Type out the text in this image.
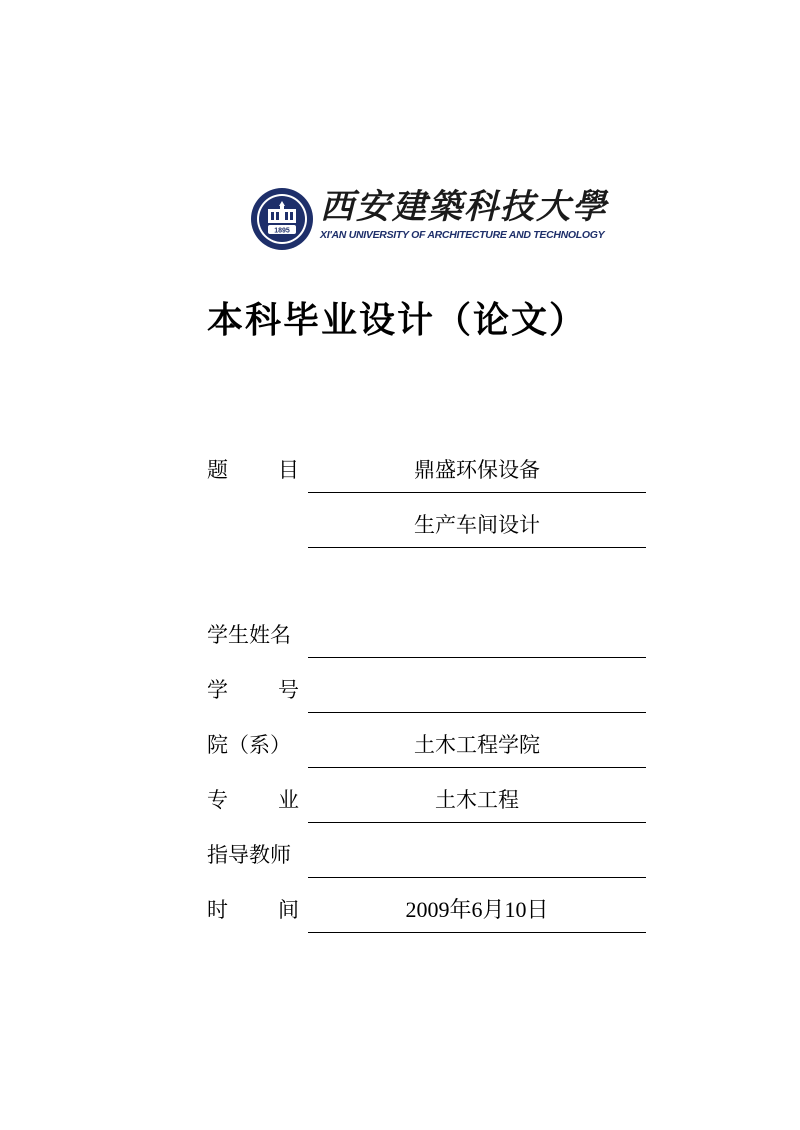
1895
西安建築科技大學
XI'AN UNIVERSITY OF ARCHITECTURE AND TECHNOLOGY
本科毕业设计（论文）
题 目	鼎盛环保设备
生产车间设计
学生姓名
学 号
院（系）	土木工程学院
专 业	土木工程
指导教师
时 间	2009年6月10日
